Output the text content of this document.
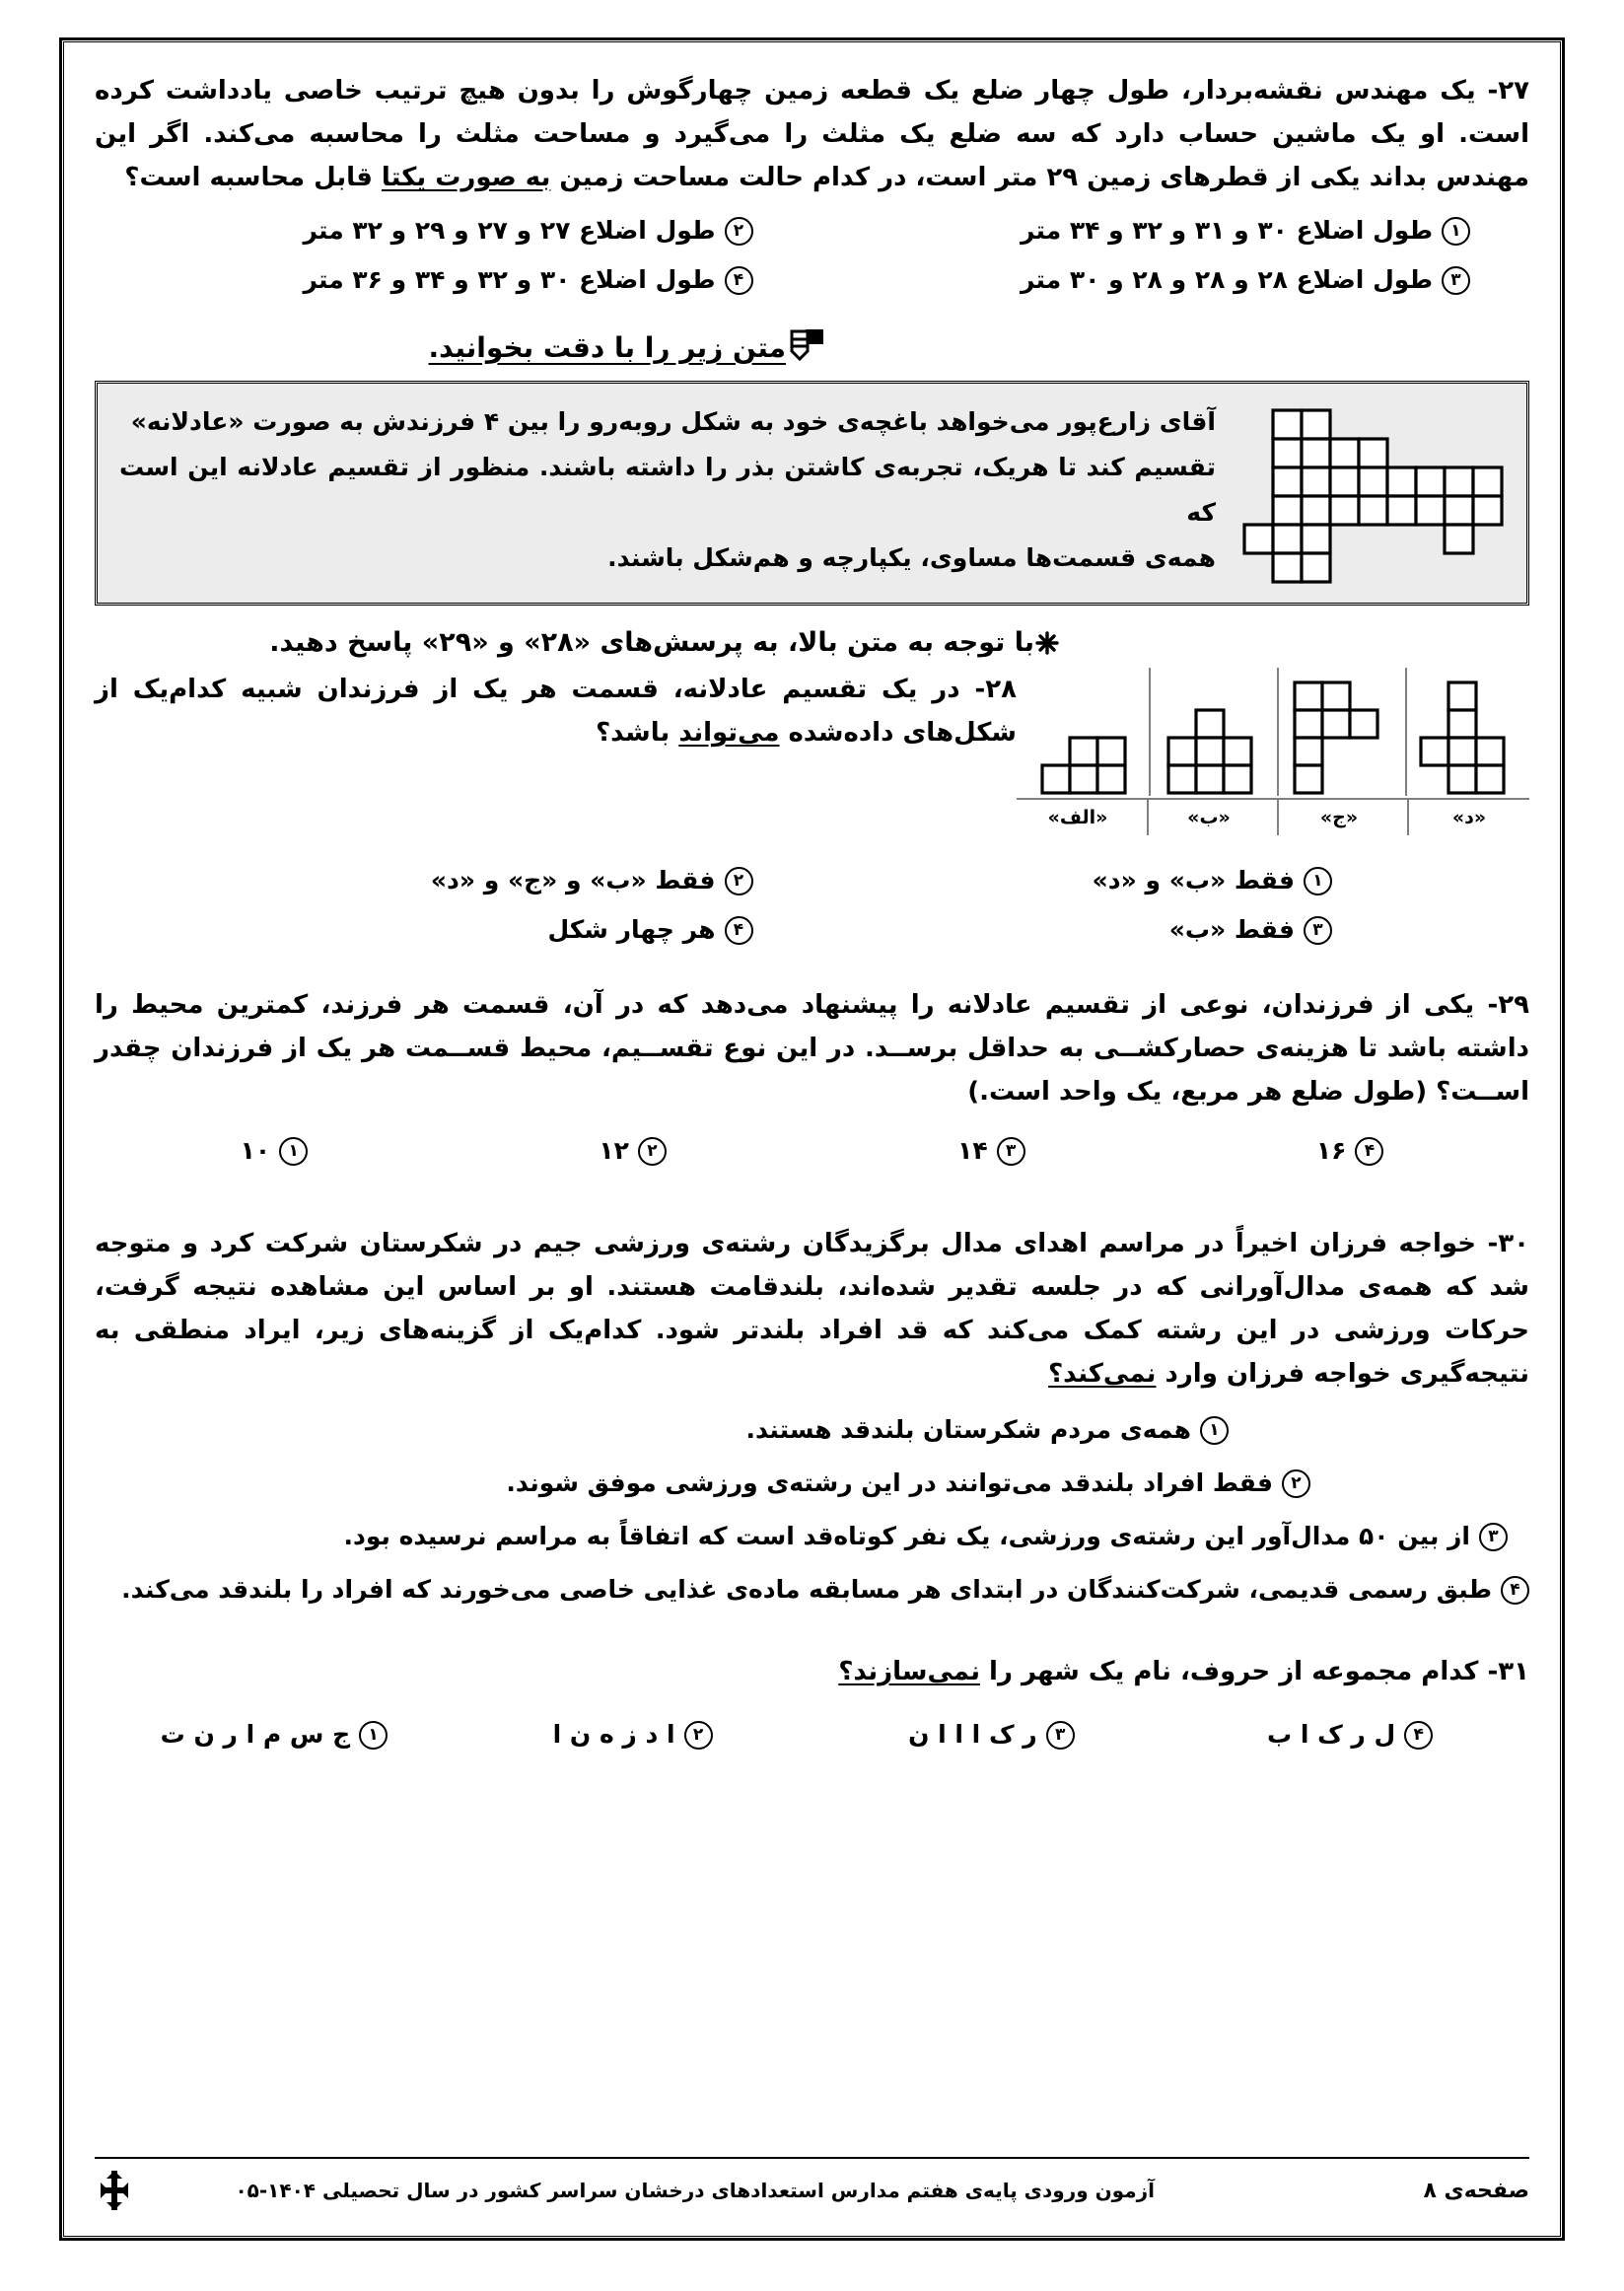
۲۷- یک مهندس نقشه‌بردار، طول چهار ضلع یک قطعه زمین چهارگوش را بدون هیچ ترتیب خاصی یادداشت کرده است. او یک ماشین حساب دارد که سه ضلع یک مثلث را می‌گیرد و مساحت مثلث را محاسبه می‌کند. اگر این مهندس بداند یکی از قطرهای زمین ۲۹ متر است، در کدام حالت مساحت زمین به صورت یکتا قابل محاسبه است؟
۱
طول اضلاع ۳۰ و ۳۱ و ۳۲ و ۳۴ متر
۲
طول اضلاع ۲۷ و ۲۷ و ۲۹ و ۳۲ متر
۳
طول اضلاع ۲۸ و ۲۸ و ۲۸ و ۳۰ متر
۴
طول اضلاع ۳۰ و ۳۲ و ۳۴ و ۳۶ متر
متن زیر را با دقت بخوانید.
آقای زارع‌پور می‌خواهد باغچه‌ی خود به شکل روبه‌رو را بین ۴ فرزندش به صورت «عادلانه»
تقسیم کند تا هر‌یک، تجربه‌ی کاشتن بذر را داشته باشند. منظور از تقسیم عادلانه این است که
همه‌ی قسمت‌ها مساوی، یکپارچه و هم‌شکل باشند.
با توجه به متن بالا، به پرسش‌های «۲۸» و «۲۹» پاسخ دهید.
«د»
«ج»
«ب»
«الف»
۲۸- در یک تقسیم عادلانه، قسمت هر یک از فرزندان شبیه کدام‌یک از شکل‌های داده‌شده می‌تواند باشد؟
۱
فقط «ب» و «د»
۲
فقط «ب» و «ج» و «د»
۳
فقط «ب»
۴
هر چهار شکل
۲۹- یکی از فرزندان، نوعی از تقسیم عادلانه را پیشنهاد می‌دهد که در آن، قسمت هر فرزند، کمترین محیط را داشته باشد تا هزینه‌ی حصارکشــی به حداقل برســد. در این نوع تقســیم، محیط قســمت هر یک از فرزندان چقدر اســت؟ (طول ضلع هر مربع، یک واحد است.)
۴
۱۶
۳
۱۴
۲
۱۲
۱
۱۰
۳۰- خواجه فرزان اخیراً در مراسم اهدای مدال برگزیدگان رشته‌ی ورزشی جیم در شکرستان شرکت کرد و متوجه شد که همه‌ی مدال‌آورانی که در جلسه تقدیر شده‌اند، بلندقامت هستند. او بر اساس این مشاهده نتیجه گرفت، حرکات ورزشی در این رشته کمک می‌کند که قد افراد بلندتر شود. کدام‌یک از گزینه‌های زیر، ایراد منطقی به نتیجه‌گیری خواجه فرزان وارد نمی‌کند؟
۱
همه‌ی مردم شکرستان بلندقد هستند.
۲
فقط افراد بلندقد می‌توانند در این رشته‌ی ورزشی موفق شوند.
۳
از بین ۵۰ مدال‌آور این رشته‌ی ورزشی، یک نفر کوتاه‌قد است که اتفاقاً به مراسم نرسیده بود.
۴
طبق رسمی قدیمی، شرکت‌کنندگان در ابتدای هر مسابقه ماده‌ی غذایی خاصی می‌خورند که افراد را بلندقد می‌کند.
۳۱- کدام مجموعه از حروف، نام یک شهر را نمی‌سازند؟
۴
ل ر ک ا ب
۳
ر ک ا ا ا ن
۲
ا د ز ه ن ا
۱
ج س م ا ر ن ت
صفحه‌ی ۸
آزمون ورودی پایه‌ی هفتم مدارس استعدادهای درخشان سراسر کشور در سال تحصیلی ۱۴۰۴-۰۵
